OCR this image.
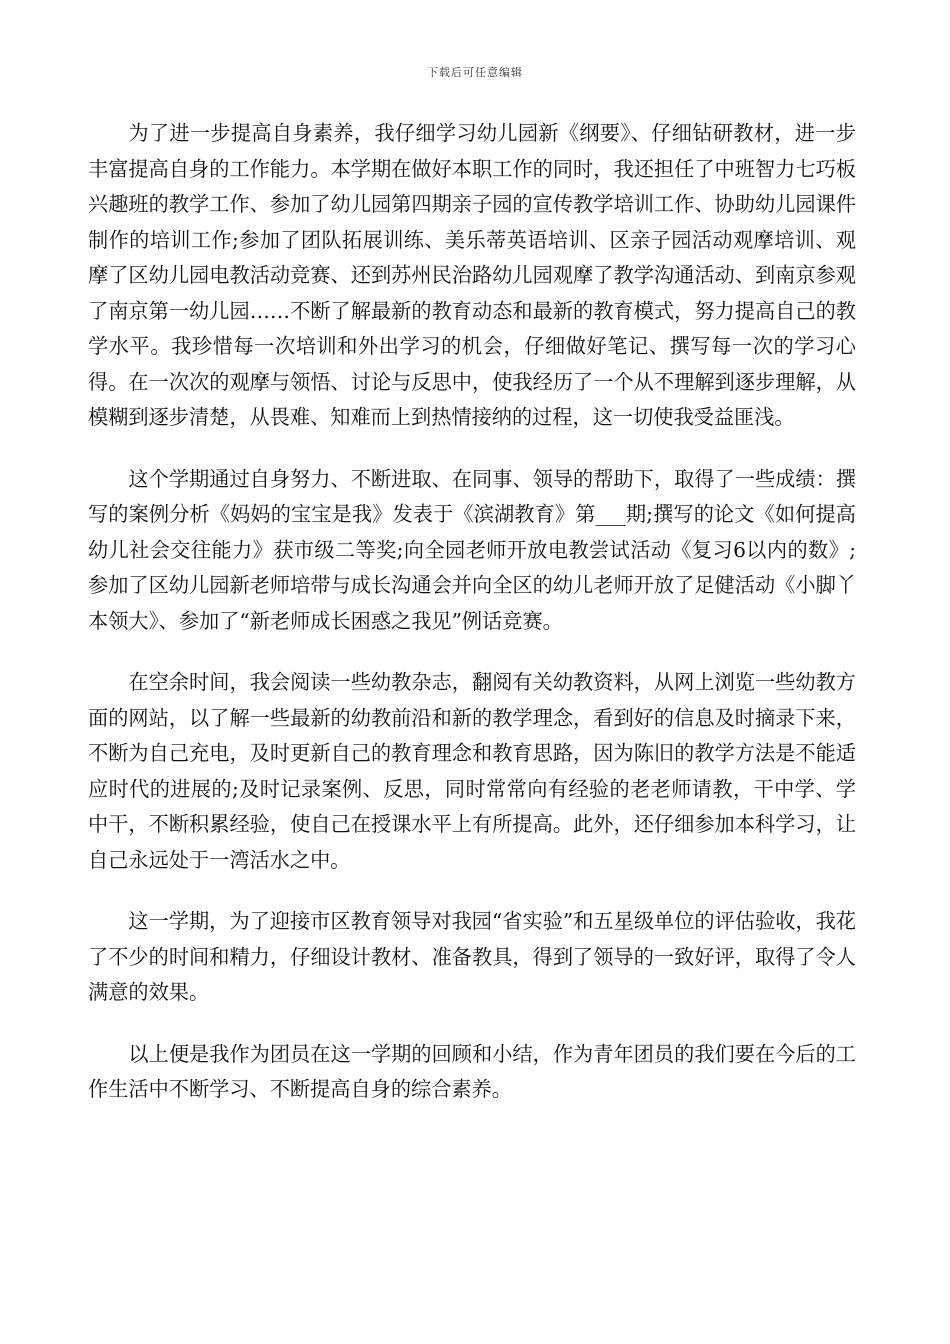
下载后可任意编辑

为了进一步提高自身素养，我仔细学习幼儿园新《纲要》、仔细钻研教材，进一步丰富提高自身的工作能力。本学期在做好本职工作的同时，我还担任了中班智力七巧板兴趣班的教学工作、参加了幼儿园第四期亲子园的宣传教学培训工作、协助幼儿园课件制作的培训工作;参加了团队拓展训练、美乐蒂英语培训、区亲子园活动观摩培训、观摩了区幼儿园电教活动竞赛、还到苏州民治路幼儿园观摩了教学沟通活动、到南京参观了南京第一幼儿园……不断了解最新的教育动态和最新的教育模式，努力提高自己的教学水平。我珍惜每一次培训和外出学习的机会，仔细做好笔记、撰写每一次的学习心得。在一次次的观摩与领悟、讨论与反思中，使我经历了一个从不理解到逐步理解，从模糊到逐步清楚，从畏难、知难而上到热情接纳的过程，这一切使我受益匪浅。

这个学期通过自身努力、不断进取、在同事、领导的帮助下，取得了一些成绩：撰写的案例分析《妈妈的宝宝是我》发表于《滨湖教育》第___期;撰写的论文《如何提高幼儿社会交往能力》获市级二等奖;向全园老师开放电教尝试活动《复习6以内的数》;参加了区幼儿园新老师培带与成长沟通会并向全区的幼儿老师开放了足健活动《小脚丫本领大》、参加了“新老师成长困惑之我见”例话竞赛。

在空余时间，我会阅读一些幼教杂志，翻阅有关幼教资料，从网上浏览一些幼教方面的网站，以了解一些最新的幼教前沿和新的教学理念，看到好的信息及时摘录下来，不断为自己充电，及时更新自己的教育理念和教育思路，因为陈旧的教学方法是不能适应时代的进展的;及时记录案例、反思，同时常常向有经验的老老师请教，干中学、学中干，不断积累经验，使自己在授课水平上有所提高。此外，还仔细参加本科学习，让自己永远处于一湾活水之中。

这一学期，为了迎接市区教育领导对我园“省实验”和五星级单位的评估验收，我花了不少的时间和精力，仔细设计教材、准备教具，得到了领导的一致好评，取得了令人满意的效果。

以上便是我作为团员在这一学期的回顾和小结，作为青年团员的我们要在今后的工作生活中不断学习、不断提高自身的综合素养。
